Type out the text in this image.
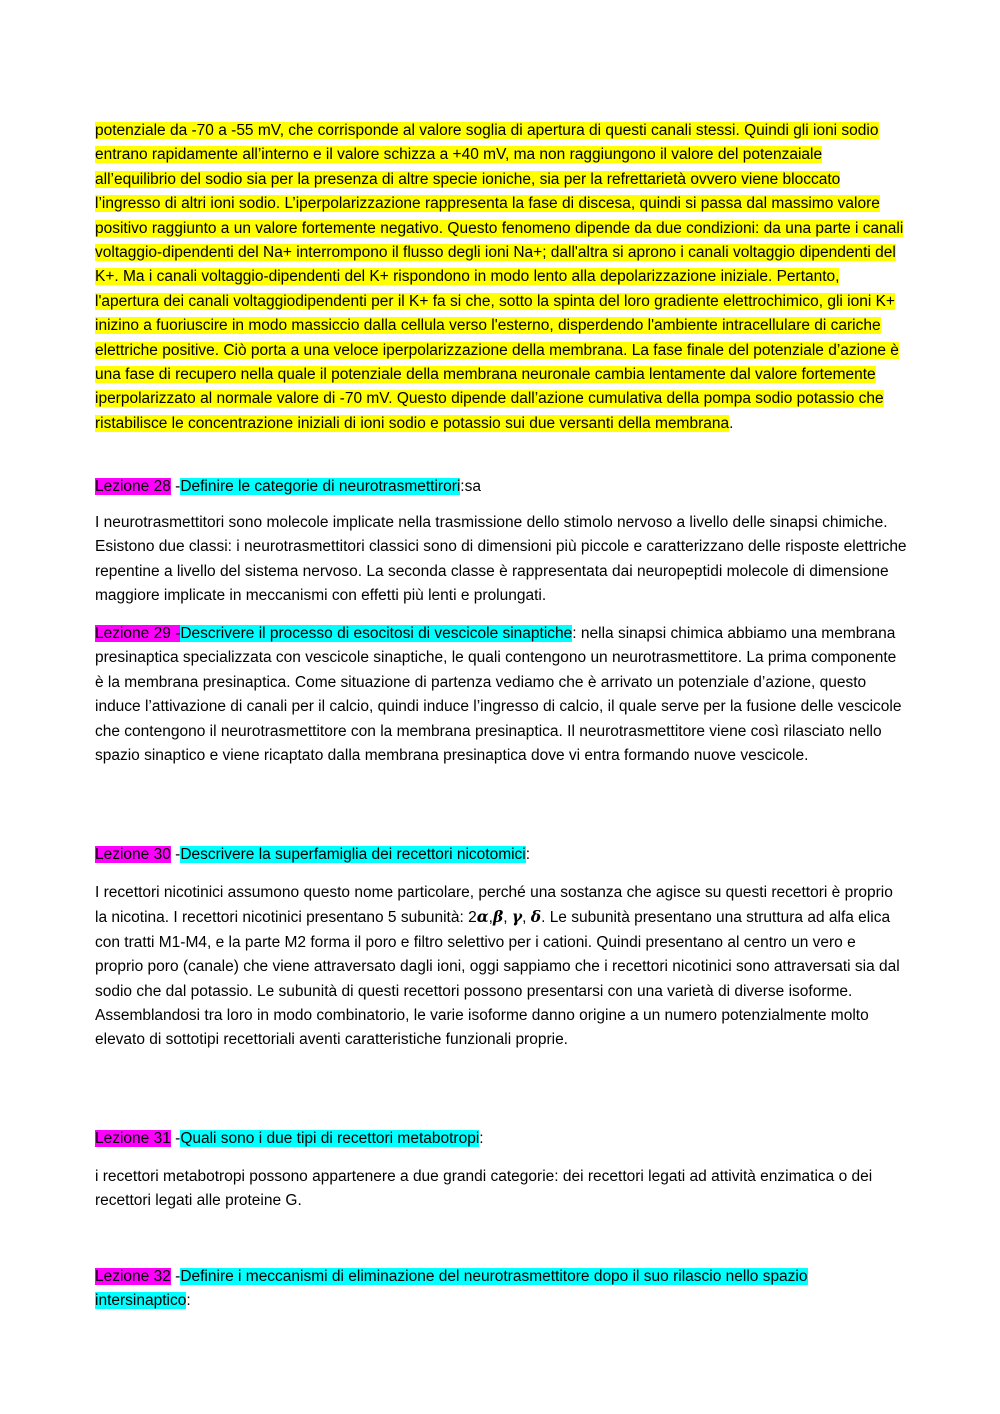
potenziale da -70 a -55 mV, che corrisponde al valore soglia di apertura di questi canali stessi. Quindi gli ioni sodio entrano rapidamente all’interno e il valore schizza a +40 mV, ma non raggiungono il valore del potenzaiale all’equilibrio del sodio sia per la presenza di altre specie ioniche, sia per la refrettarietà ovvero viene bloccato l’ingresso di altri ioni sodio. L’iperpolarizzazione rappresenta la fase di discesa, quindi si passa dal massimo valore positivo raggiunto a un valore fortemente negativo. Questo fenomeno dipende da due condizioni: da una parte i canali voltaggio-dipendenti del Na+ interrompono il flusso degli ioni Na+; dall'altra si aprono i canali voltaggio dipendenti del K+. Ma i canali voltaggio-dipendenti del K+ rispondono in modo lento alla depolarizzazione iniziale. Pertanto, l'apertura dei canali voltaggiodipendenti per il K+ fa si che, sotto la spinta del loro gradiente elettrochimico, gli ioni K+ inizino a fuoriuscire in modo massiccio dalla cellula verso l'esterno, disperdendo l'ambiente intracellulare di cariche elettriche positive. Ciò porta a una veloce iperpolarizzazione della membrana. La fase finale del potenziale d’azione è una fase di recupero nella quale il potenziale della membrana neuronale cambia lentamente dal valore fortemente iperpolarizzato al normale valore di -70 mV. Questo dipende dall’azione cumulativa della pompa sodio potassio che ristabilisce le concentrazione iniziali di ioni sodio e potassio sui due versanti della membrana.

Lezione 28 -Definire le categorie di neurotrasmettirori:sa

I neurotrasmettitori sono molecole implicate nella trasmissione dello stimolo nervoso a livello delle sinapsi chimiche. Esistono due classi: i neurotrasmettitori classici sono di dimensioni più piccole e caratterizzano delle risposte elettriche repentine a livello del sistema nervoso. La seconda classe è rappresentata dai neuropeptidi molecole di dimensione maggiore implicate in meccanismi con effetti più lenti e prolungati.

Lezione 29 -Descrivere il processo di esocitosi di vescicole sinaptiche: nella sinapsi chimica abbiamo una membrana presinaptica specializzata con vescicole sinaptiche, le quali contengono un neurotrasmettitore. La prima componente è la membrana presinaptica. Come situazione di partenza vediamo che è arrivato un potenziale d’azione, questo induce l’attivazione di canali per il calcio, quindi induce l’ingresso di calcio, il quale serve per la fusione delle vescicole che contengono il neurotrasmettitore con la membrana presinaptica. Il neurotrasmettitore viene così rilasciato nello spazio sinaptico e viene ricaptato dalla membrana presinaptica dove vi entra formando nuove vescicole.

Lezione 30 -Descrivere la superfamiglia dei recettori nicotomici:

I recettori nicotinici assumono questo nome particolare, perché una sostanza che agisce su questi recettori è proprio la nicotina. I recettori nicotinici presentano 5 subunità: 2𝜶,𝜷, 𝜸, 𝜹. Le subunità presentano una struttura ad alfa elica con tratti M1-M4, e la parte M2 forma il poro e filtro selettivo per i cationi. Quindi presentano al centro un vero e proprio poro (canale) che viene attraversato dagli ioni, oggi sappiamo che i recettori nicotinici sono attraversati sia dal sodio che dal potassio. Le subunità di questi recettori possono presentarsi con una varietà di diverse isoforme. Assemblandosi tra loro in modo combinatorio, le varie isoforme danno origine a un numero potenzialmente molto elevato di sottotipi recettoriali aventi caratteristiche funzionali proprie.

Lezione 31 -Quali sono i due tipi di recettori metabotropi:

i recettori metabotropi possono appartenere a due grandi categorie: dei recettori legati ad attività enzimatica o dei recettori legati alle proteine G.

Lezione 32 -Definire i meccanismi di eliminazione del neurotrasmettitore dopo il suo rilascio nello spazio intersinaptico:
